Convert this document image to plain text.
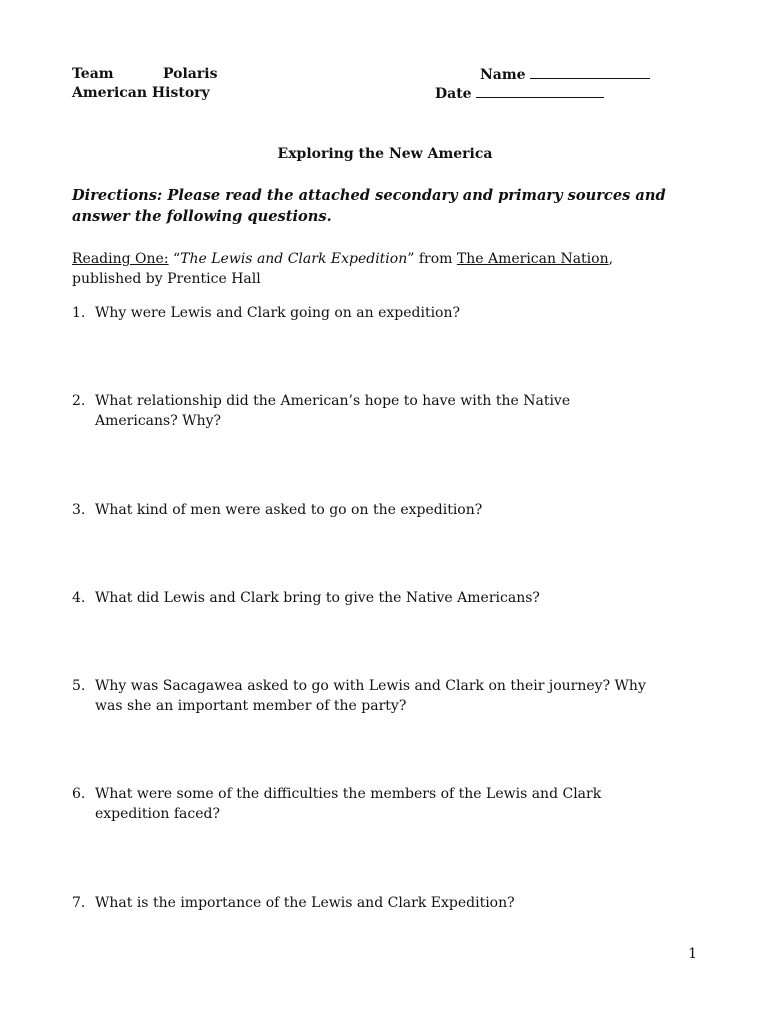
Team	Polaris
American History
Name
Date
Exploring the New America
Directions: Please read the attached secondary and primary sources and
answer the following questions.
Reading One: “The Lewis and Clark Expedition” from The American Nation,
published by Prentice Hall
1. Why were Lewis and Clark going on an expedition?
2. What relationship did the American’s hope to have with the Native
Americans? Why?
3. What kind of men were asked to go on the expedition?
4. What did Lewis and Clark bring to give the Native Americans?
5. Why was Sacagawea asked to go with Lewis and Clark on their journey? Why
was she an important member of the party?
6. What were some of the difficulties the members of the Lewis and Clark
expedition faced?
7. What is the importance of the Lewis and Clark Expedition?
1
